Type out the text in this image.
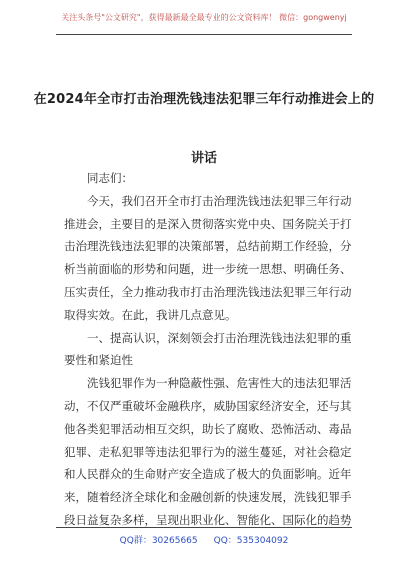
关注头条号"公文研究"，获得最新最全最专业的公文资料库！ 微信：gongwenyj
在2024年全市打击治理洗钱违法犯罪三年行动推进会上的
讲话
同志们：
今天，我们召开全市打击治理洗钱违法犯罪三年行动
推进会，主要目的是深入贯彻落实党中央、国务院关于打
击治理洗钱违法犯罪的决策部署，总结前期工作经验，分
析当前面临的形势和问题，进一步统一思想、明确任务、
压实责任，全力推动我市打击治理洗钱违法犯罪三年行动
取得实效。在此，我讲几点意见。
一、提高认识，深刻领会打击治理洗钱违法犯罪的重
要性和紧迫性
洗钱犯罪作为一种隐蔽性强、危害性大的违法犯罪活
动，不仅严重破坏金融秩序，威胁国家经济安全，还与其
他各类犯罪活动相互交织，助长了腐败、恐怖活动、毒品
犯罪、走私犯罪等违法犯罪行为的滋生蔓延，对社会稳定
和人民群众的生命财产安全造成了极大的负面影响。近年
来，随着经济全球化和金融创新的快速发展，洗钱犯罪手
段日益复杂多样，呈现出职业化、智能化、国际化的趋势
QQ群：30265665 QQ：535304092
